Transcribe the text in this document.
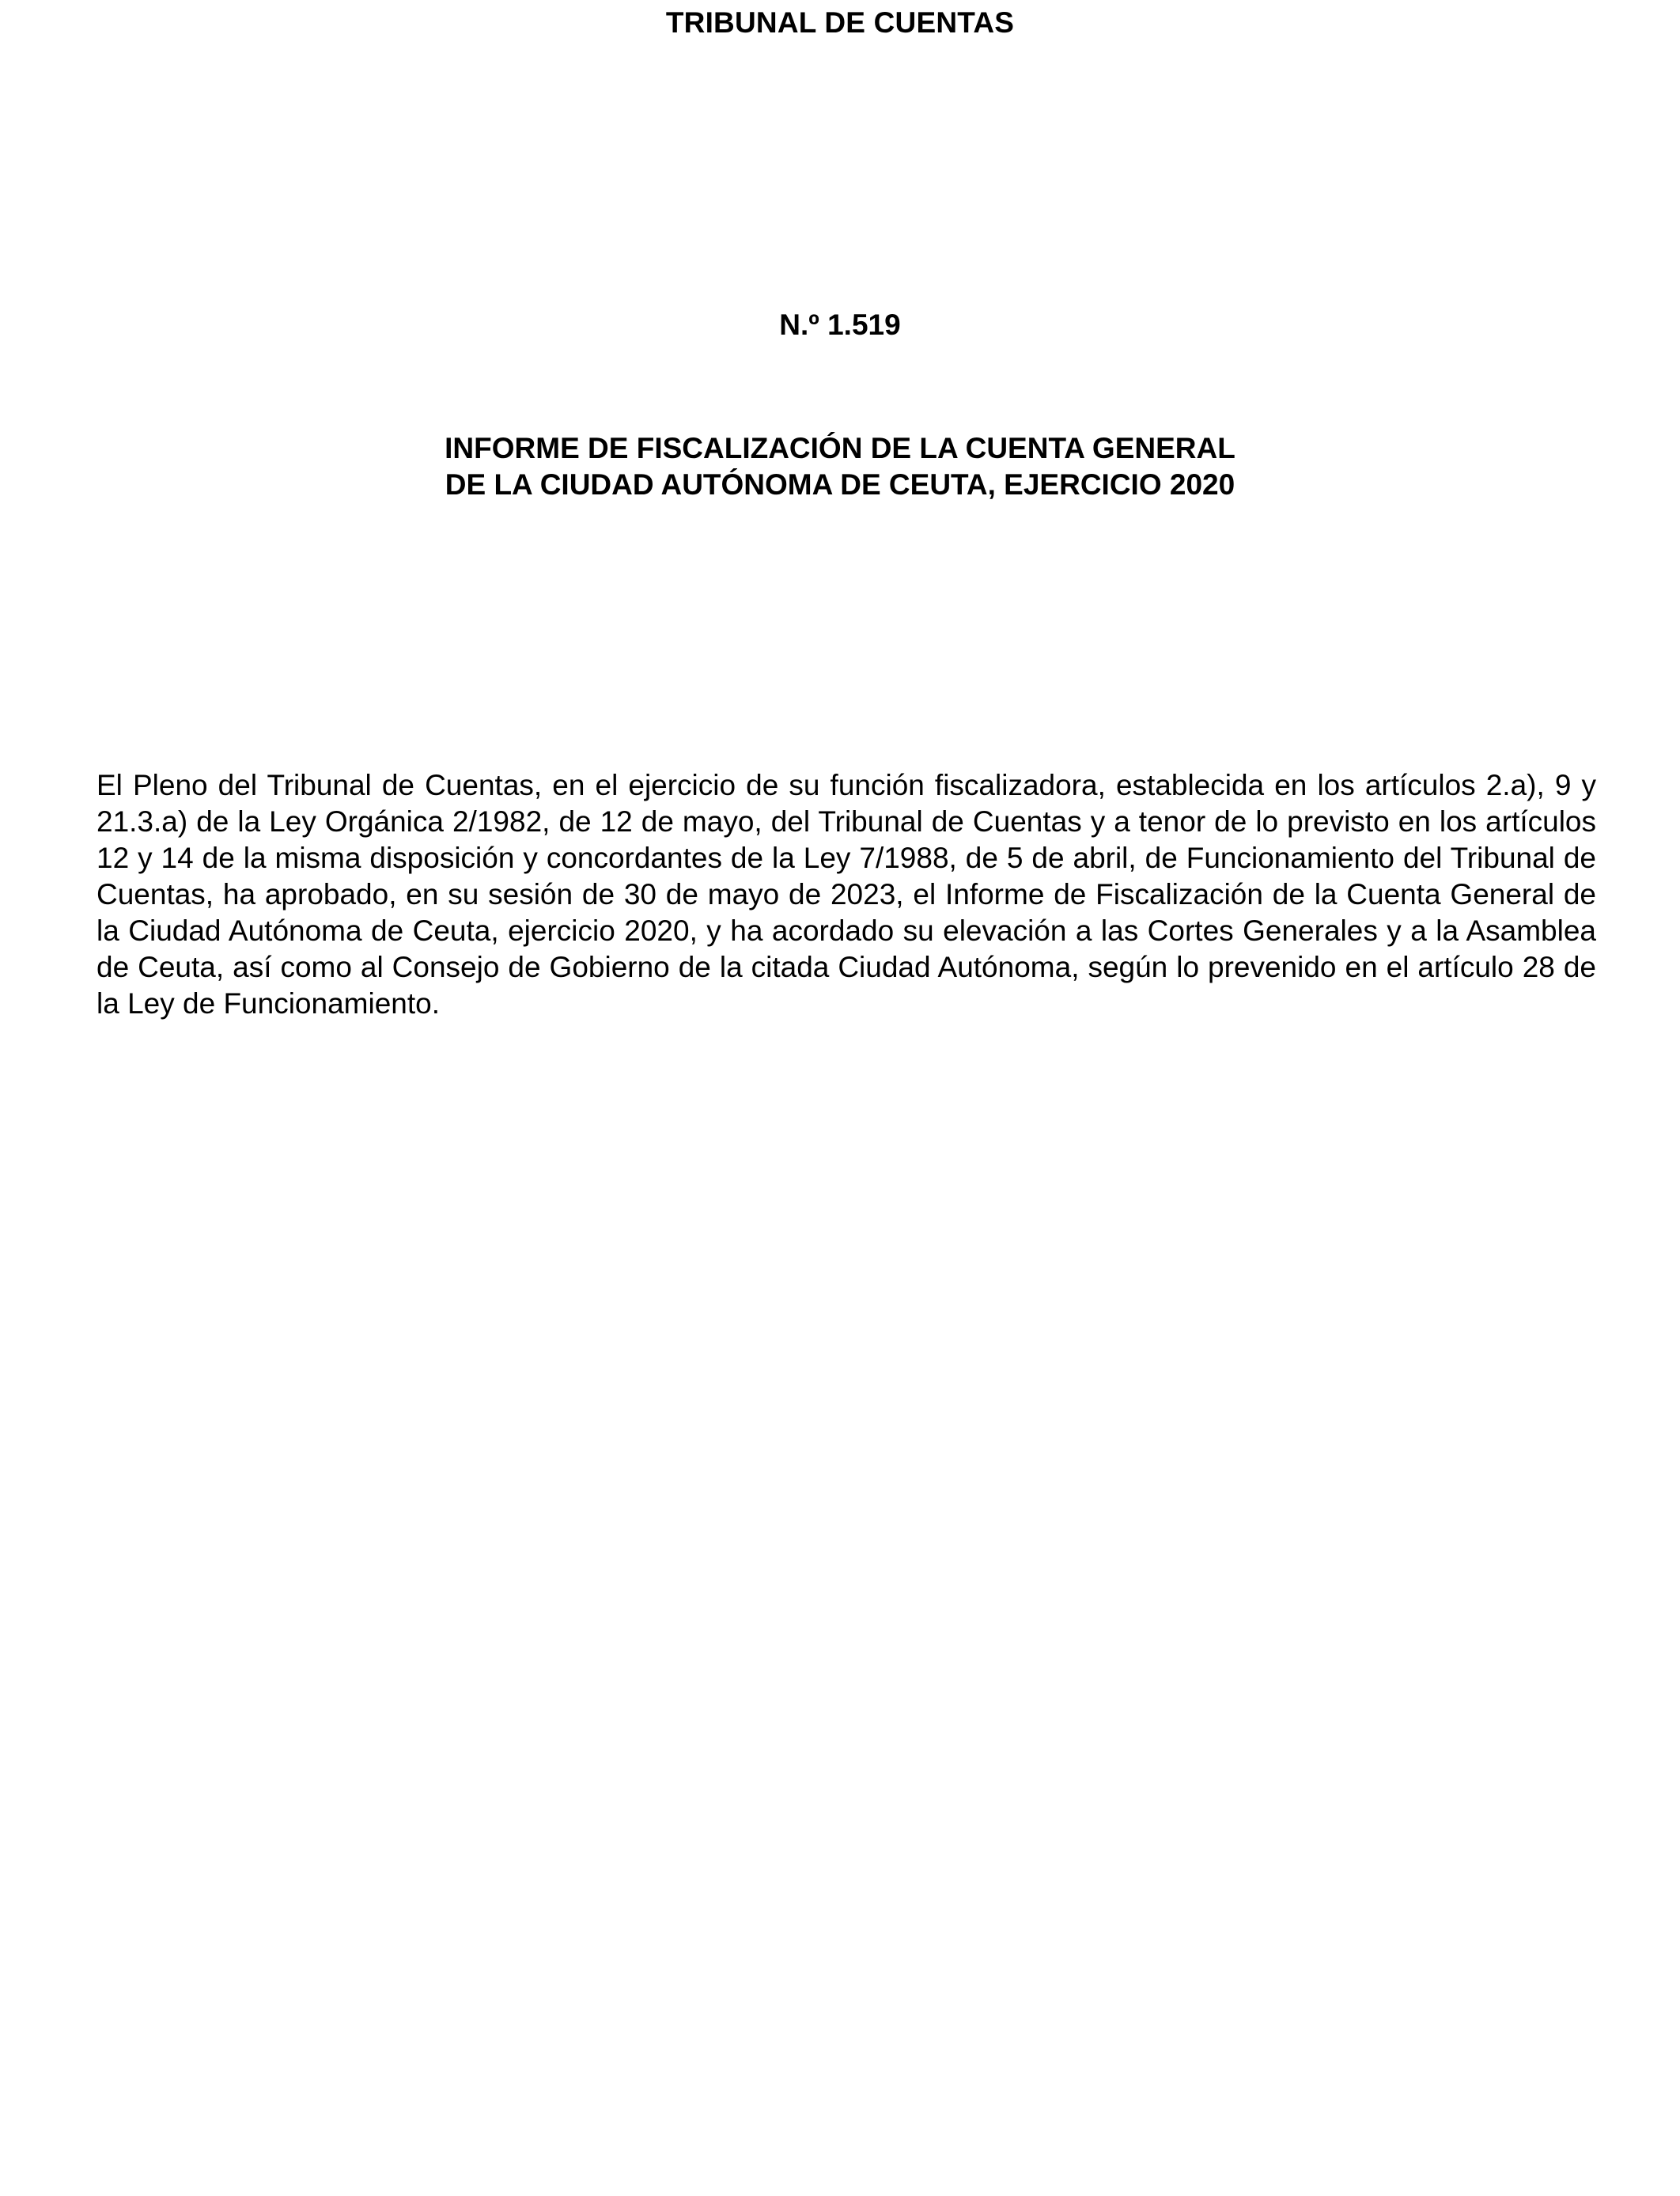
TRIBUNAL DE CUENTAS
N.º 1.519
INFORME DE FISCALIZACIÓN DE LA CUENTA GENERAL
DE LA CIUDAD AUTÓNOMA DE CEUTA, EJERCICIO 2020

El Pleno del Tribunal de Cuentas, en el ejercicio de su función fiscalizadora, establecida en los artículos 2.a), 9 y 21.3.a) de la Ley Orgánica 2/1982, de 12 de mayo, del Tribunal de Cuentas y a tenor de lo previsto en los artículos 12 y 14 de la misma disposición y concordantes de la Ley 7/1988, de 5 de abril, de Funcionamiento del Tribunal de Cuentas, ha aprobado, en su sesión de 30 de mayo de 2023, el Informe de Fiscalización de la Cuenta General de la Ciudad Autónoma de Ceuta, ejercicio 2020, y ha acordado su elevación a las Cortes Generales y a la Asamblea de Ceuta, así como al Consejo de Gobierno de la citada Ciudad Autónoma, según lo prevenido en el artículo 28 de la Ley de Funcionamiento.
